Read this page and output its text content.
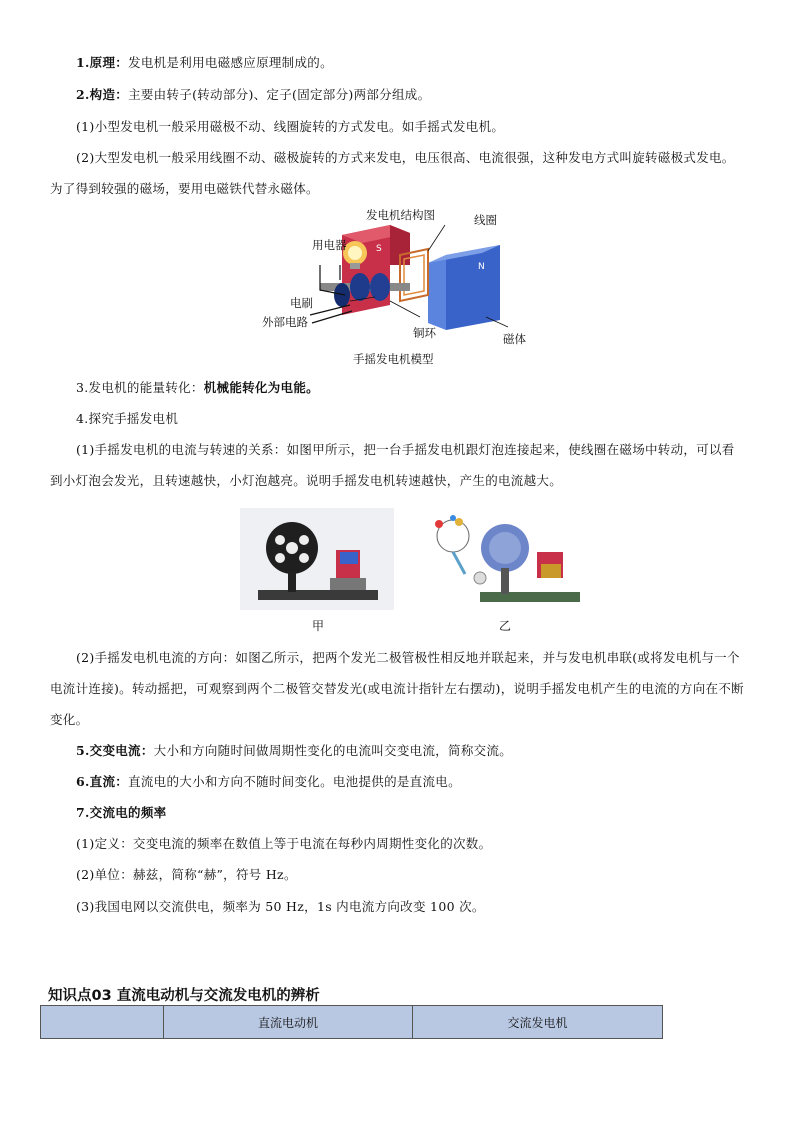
1.原理：发电机是利用电磁感应原理制成的。
2.构造：主要由转子(转动部分)、定子(固定部分)两部分组成。
(1)小型发电机一般采用磁极不动、线圈旋转的方式发电。如手摇式发电机。
(2)大型发电机一般采用线圈不动、磁极旋转的方式来发电，电压很高、电流很强，这种发电方式叫旋转磁极式发电。为了得到较强的磁场，要用电磁铁代替永磁体。
S
N
发电机结构图	线圈
用电器
电刷
外部电路
铜环	磁体
手摇发电机模型
3.发电机的能量转化：机械能转化为电能。
4.探究手摇发电机
(1)手摇发电机的电流与转速的关系：如图甲所示，把一台手摇发电机跟灯泡连接起来，使线圈在磁场中转动，可以看到小灯泡会发光，且转速越快，小灯泡越亮。说明手摇发电机转速越快，产生的电流越大。
甲	乙
(2)手摇发电机电流的方向：如图乙所示，把两个发光二极管极性相反地并联起来，并与发电机串联(或将发电机与一个电流计连接)。转动摇把，可观察到两个二极管交替发光(或电流计指针左右摆动)，说明手摇发电机产生的电流的方向在不断变化。
5.交变电流：大小和方向随时间做周期性变化的电流叫交变电流，简称交流。
6.直流：直流电的大小和方向不随时间变化。电池提供的是直流电。
7.交流电的频率
(1)定义：交变电流的频率在数值上等于电流在每秒内周期性变化的次数。
(2)单位：赫兹，简称“赫”，符号 Hz。
(3)我国电网以交流供电，频率为 50 Hz，1s 内电流方向改变 100 次。
知识点03 直流电动机与交流发电机的辨析
	直流电动机	交流发电机
